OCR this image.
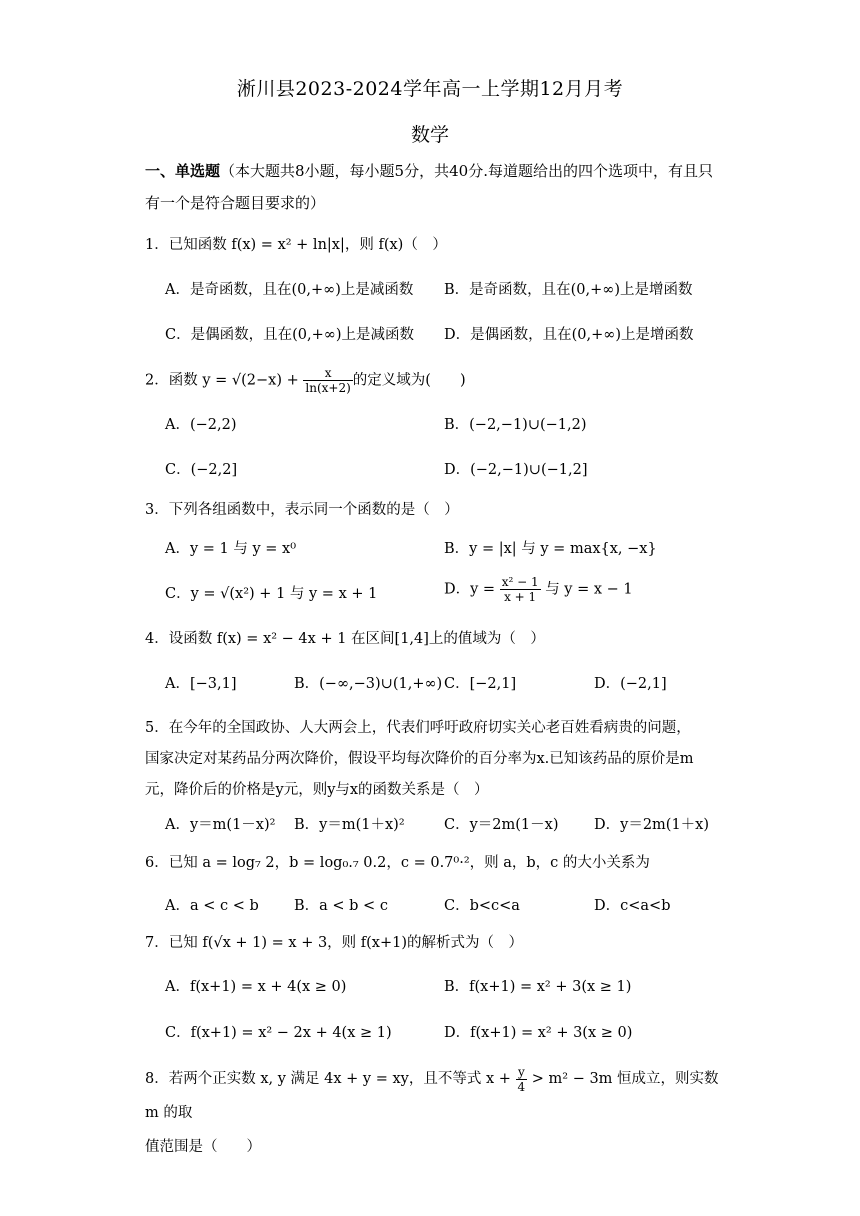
淅川县2023-2024学年高一上学期12月月考
数学
一、单选题（本大题共8小题，每小题5分，共40分.每道题给出的四个选项中，有且只有一个是符合题目要求的）
1．已知函数 f(x) = x² + ln|x|，则 f(x)（　）
A．是奇函数，且在(0,+∞)上是减函数 B．是奇函数，且在(0,+∞)上是增函数
C．是偶函数，且在(0,+∞)上是减函数 D．是偶函数，且在(0,+∞)上是增函数
2．函数 $y = √(2-x) + \frac{x}{\ln(x+2)}$ 的定义域为(　　)
A．(−2,2)	B．(−2,−1)∪(−1,2)
C．(−2,2]	D．(−2,−1)∪(−1,2]
3．下列各组函数中，表示同一个函数的是（　）
A．y = 1 与 y = x⁰	B．y = |x| 与 y = max{x, −x}
C．y = √(x²) + 1 与 y = x + 1	D．$y = \frac{\text{x² − 1}}{x + 1}$ 与 y = x − 1
4．设函数 f(x) = x² − 4x + 1 在区间[1,4]上的值域为（　）
A．[−3,1]	B．(−∞,−3)∪(1,+∞) C．[−2,1]	D．(−2,1]
5．在今年的全国政协、人大两会上，代表们呼吁政府切实关心老百姓看病贵的问题，
国家决定对某药品分两次降价，假设平均每次降价的百分率为x.已知该药品的原价是m
元，降价后的价格是y元，则y与x的函数关系是（　）
A．y＝m(1－x)² B．y＝m(1＋x)²	C．y＝2m(1－x) D．y＝2m(1＋x)
6．已知 a = log₇ 2，b = log₀.₇ 0.2，c = 0.7⁰·²，则 a，b，c 的大小关系为
A．a < c < b B．a < b < c	C．b<c<a	D．c<a<b
7．已知 f(√x + 1) = x + 3，则 f(x+1)的解析式为（　）
A．f(x+1) = x + 4(x ≥ 0)	B．f(x+1) = x² + 3(x ≥ 1)
C．f(x+1) = x² − 2x + 4(x ≥ 1)	D．f(x+1) = x² + 3(x ≥ 0)
8．若两个正实数 x, y 满足 4x + y = xy，且不等式 $x + \frac{y}{4} > m^2 - 3m$ 恒成立，则实数 m 的取
值范围是（　　）
